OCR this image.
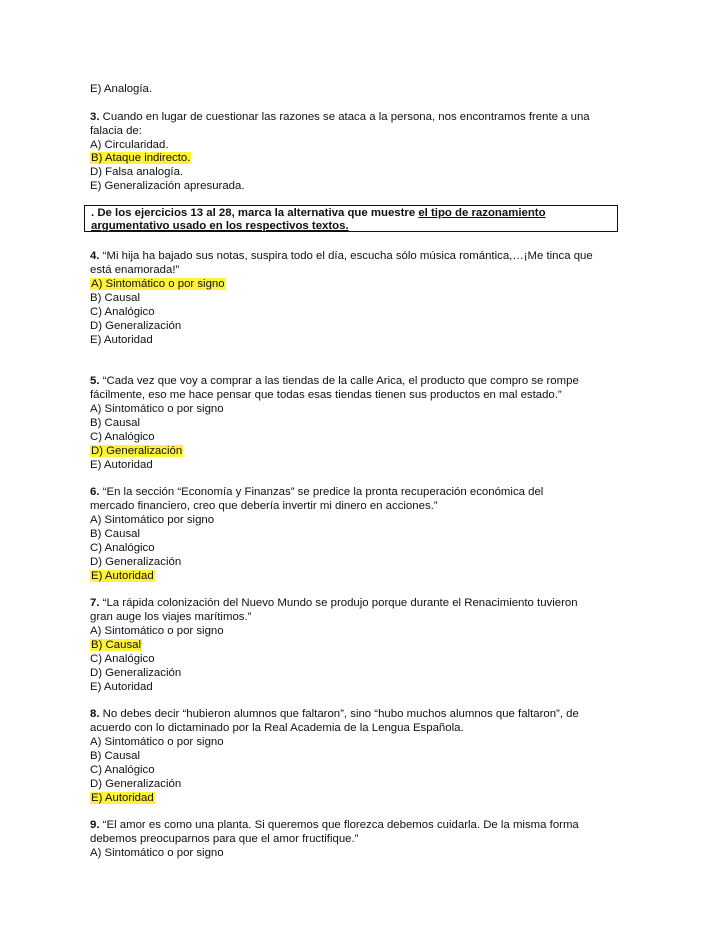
E) Analogía.
3. Cuando en lugar de cuestionar las razones se ataca a la persona, nos encontramos frente a una
falacia de:
A) Circularidad.
B) Ataque indirecto.
D) Falsa analogía.
E) Generalización apresurada.
. De los ejercicios 13 al 28, marca la alternativa que muestre el tipo de razonamiento
argumentativo usado en los respectivos textos.
4. “Mi hija ha bajado sus notas, suspira todo el día, escucha sólo música romántica,…¡Me tinca que
está enamorada!”
A) Sintomático o por signo
B) Causal
C) Analógico
D) Generalización
E) Autoridad
5. “Cada vez que voy a comprar a las tiendas de la calle Arica, el producto que compro se rompe
fácilmente, eso me hace pensar que todas esas tiendas tienen sus productos en mal estado.”
A) Sintomático o por signo
B) Causal
C) Analógico
D) Generalización
E) Autoridad
6. “En la sección “Economía y Finanzas” se predice la pronta recuperación económica del
mercado financiero, creo que debería invertir mi dinero en acciones.”
A) Sintomático por signo
B) Causal
C) Analógico
D) Generalización
E) Autoridad
7. “La rápida colonización del Nuevo Mundo se produjo porque durante el Renacimiento tuvieron
gran auge los viajes marítimos.”
A) Sintomático o por signo
B) Causal
C) Analógico
D) Generalización
E) Autoridad
8. No debes decir “hubieron alumnos que faltaron”, sino “hubo muchos alumnos que faltaron”, de
acuerdo con lo dictaminado por la Real Academia de la Lengua Española.
A) Sintomático o por signo
B) Causal
C) Analógico
D) Generalización
E) Autoridad
9. “El amor es como una planta. Si queremos que florezca debemos cuidarla. De la misma forma
debemos preocuparnos para que el amor fructifique.”
A) Sintomático o por signo
